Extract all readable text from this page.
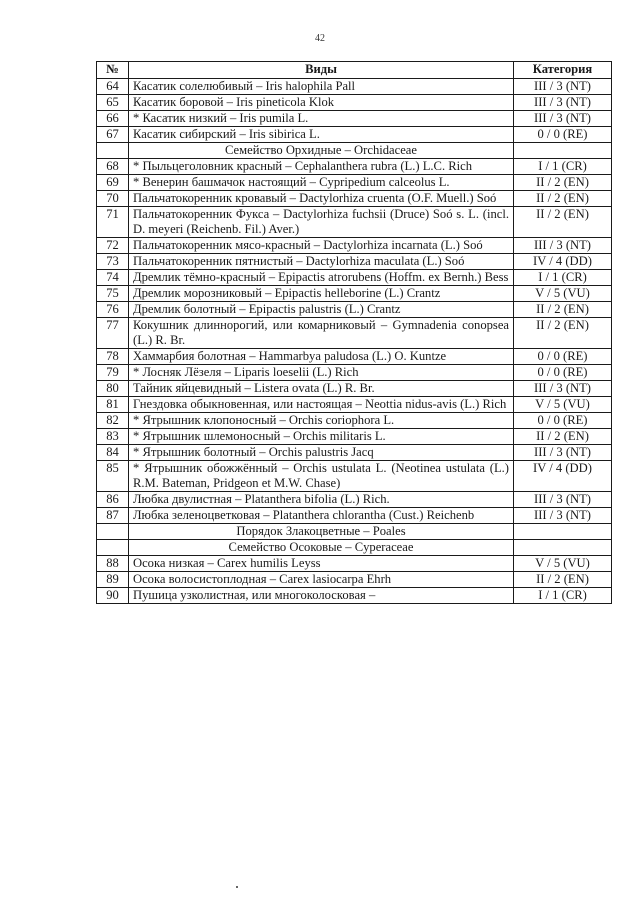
42
№	Виды	Категория
64	Касатик солелюбивый – Iris halophila Pall	III / 3 (NT)
65	Касатик боровой – Iris pineticola Klok	III / 3 (NT)
66	* Касатик низкий – Iris pumila L.	III / 3 (NT)
67	Касатик сибирский – Iris sibirica L.	0 / 0 (RE)
	Семейство Орхидные – Orchidaceae	
68	* Пыльцеголовник красный – Cephalanthera rubra (L.) L.C. Rich	I / 1 (CR)
69	* Венерин башмачок настоящий – Cypripedium calceolus L.	II / 2 (EN)
70	Пальчатокоренник кровавый – Dactylorhiza cruenta (O.F. Muell.) Soó	II / 2 (EN)
71	Пальчатокоренник Фукса – Dactylorhiza fuchsii (Druce) Soó s. L. (incl. D. meyeri (Reichenb. Fil.) Aver.)	II / 2 (EN)
72	Пальчатокоренник мясо-красный – Dactylorhiza incarnata (L.) Soó	III / 3 (NT)
73	Пальчатокоренник пятнистый – Dactylorhiza maculata (L.) Soó	IV / 4 (DD)
74	Дремлик тёмно-красный – Epipactis atrorubens (Hoffm. ex Bernh.) Bess	I / 1 (CR)
75	Дремлик морозниковый – Epipactis helleborine (L.) Crantz	V / 5 (VU)
76	Дремлик болотный – Epipactis palustris (L.) Crantz	II / 2 (EN)
77	Кокушник длиннорогий, или комарниковый – Gymnadenia conopsea (L.) R. Br.	II / 2 (EN)
78	Хаммарбия болотная – Hammarbya paludosa (L.) O. Kuntze	0 / 0 (RE)
79	* Лосняк Лёзеля – Liparis loeselii (L.) Rich	0 / 0 (RE)
80	Тайник яйцевидный – Listera ovata (L.) R. Br.	III / 3 (NT)
81	Гнездовка обыкновенная, или настоящая – Neottia nidus-avis (L.) Rich	V / 5 (VU)
82	* Ятрышник клопоносный – Orchis coriophora L.	0 / 0 (RE)
83	* Ятрышник шлемоносный – Orchis militaris L.	II / 2 (EN)
84	* Ятрышник болотный – Orchis palustris Jacq	III / 3 (NT)
85	* Ятрышник обожжённый – Orchis ustulata L. (Neotinea ustulata (L.) R.M. Bateman, Pridgeon et M.W. Chase)	IV / 4 (DD)
86	Любка двулистная – Platanthera bifolia (L.) Rich.	III / 3 (NT)
87	Любка зеленоцветковая – Platanthera chlorantha (Cust.) Reichenb	III / 3 (NT)
	Порядок Злакоцветные – Poales	
	Семейство Осоковые – Cyperaceae	
88	Осока низкая – Carex humilis Leyss	V / 5 (VU)
89	Осока волосистоплодная – Carex lasiocarpa Ehrh	II / 2 (EN)
90	Пушица узколистная, или многоколосковая –	I / 1 (CR)
